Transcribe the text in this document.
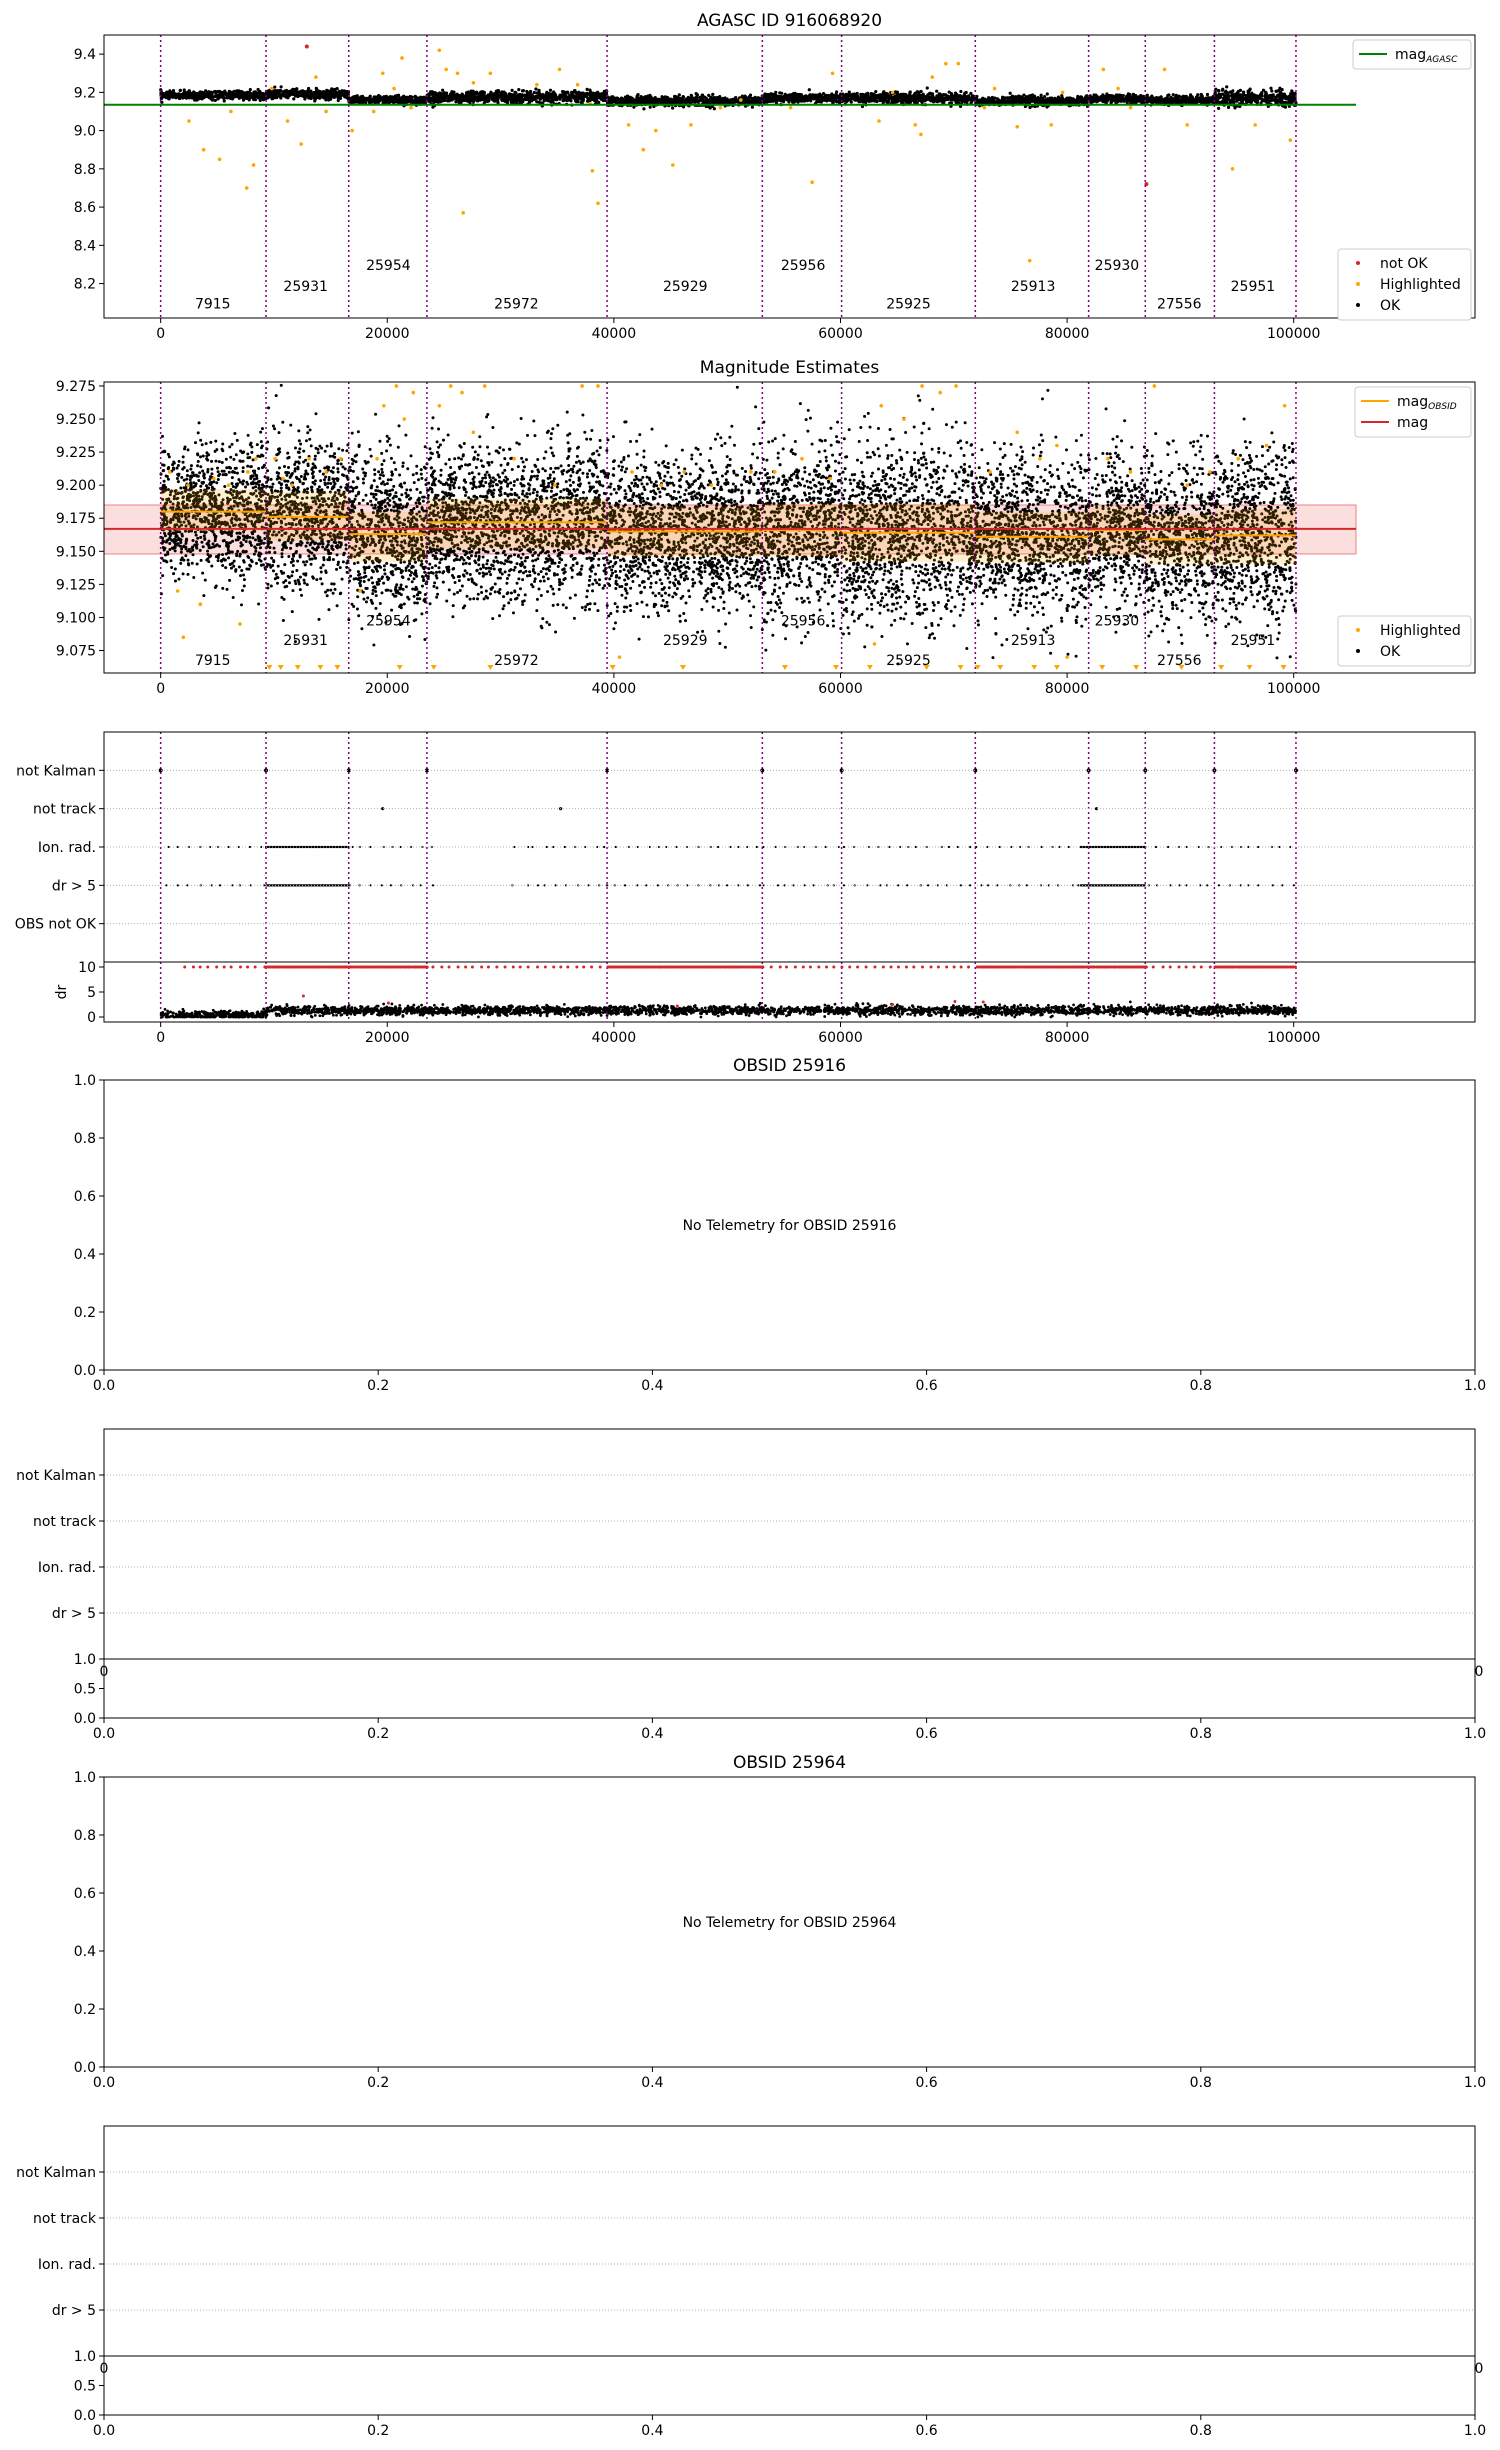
7915
25931
25954
25972
25929
25956
25925
25913
25930
27556
25951
0	20000	40000	60000	80000	100000
8.2
8.4
8.6
8.8
9.0
9.2
9.4
AGASC ID 916068920
mag$_{AGASC}$
not OK
Highlighted
OK
7915
25931
25954
25972
25929
25956
25925
25913
25930
27556
25951
0	20000	40000	60000	80000	100000
9.075
9.100
9.125
9.150
9.175
9.200
9.225
9.250
9.275
Magnitude Estimates
mag$_{OBSID}$
mag
Highlighted
OK
not Kalman
not track
Ion. rad.
dr > 5
OBS not OK
0
5
10
dr
0	20000	40000	60000	80000	100000
0.0	0.2	0.4	0.6	0.8	1.0
0.0
0.2
0.4
0.6
0.8
1.0
OBSID 25916
No Telemetry for OBSID 25916
not Kalman
not track
Ion. rad.
dr > 5
0.0
0.5
1.0
0.0	0.2	0.4	0.6	0.8	1.0
0	0
0.0	0.2	0.4	0.6	0.8	1.0
0.0
0.2
0.4
0.6
0.8
1.0
OBSID 25964
No Telemetry for OBSID 25964
not Kalman
not track
Ion. rad.
dr > 5
0.0
0.5
1.0
0.0	0.2	0.4	0.6	0.8	1.0
0	0
